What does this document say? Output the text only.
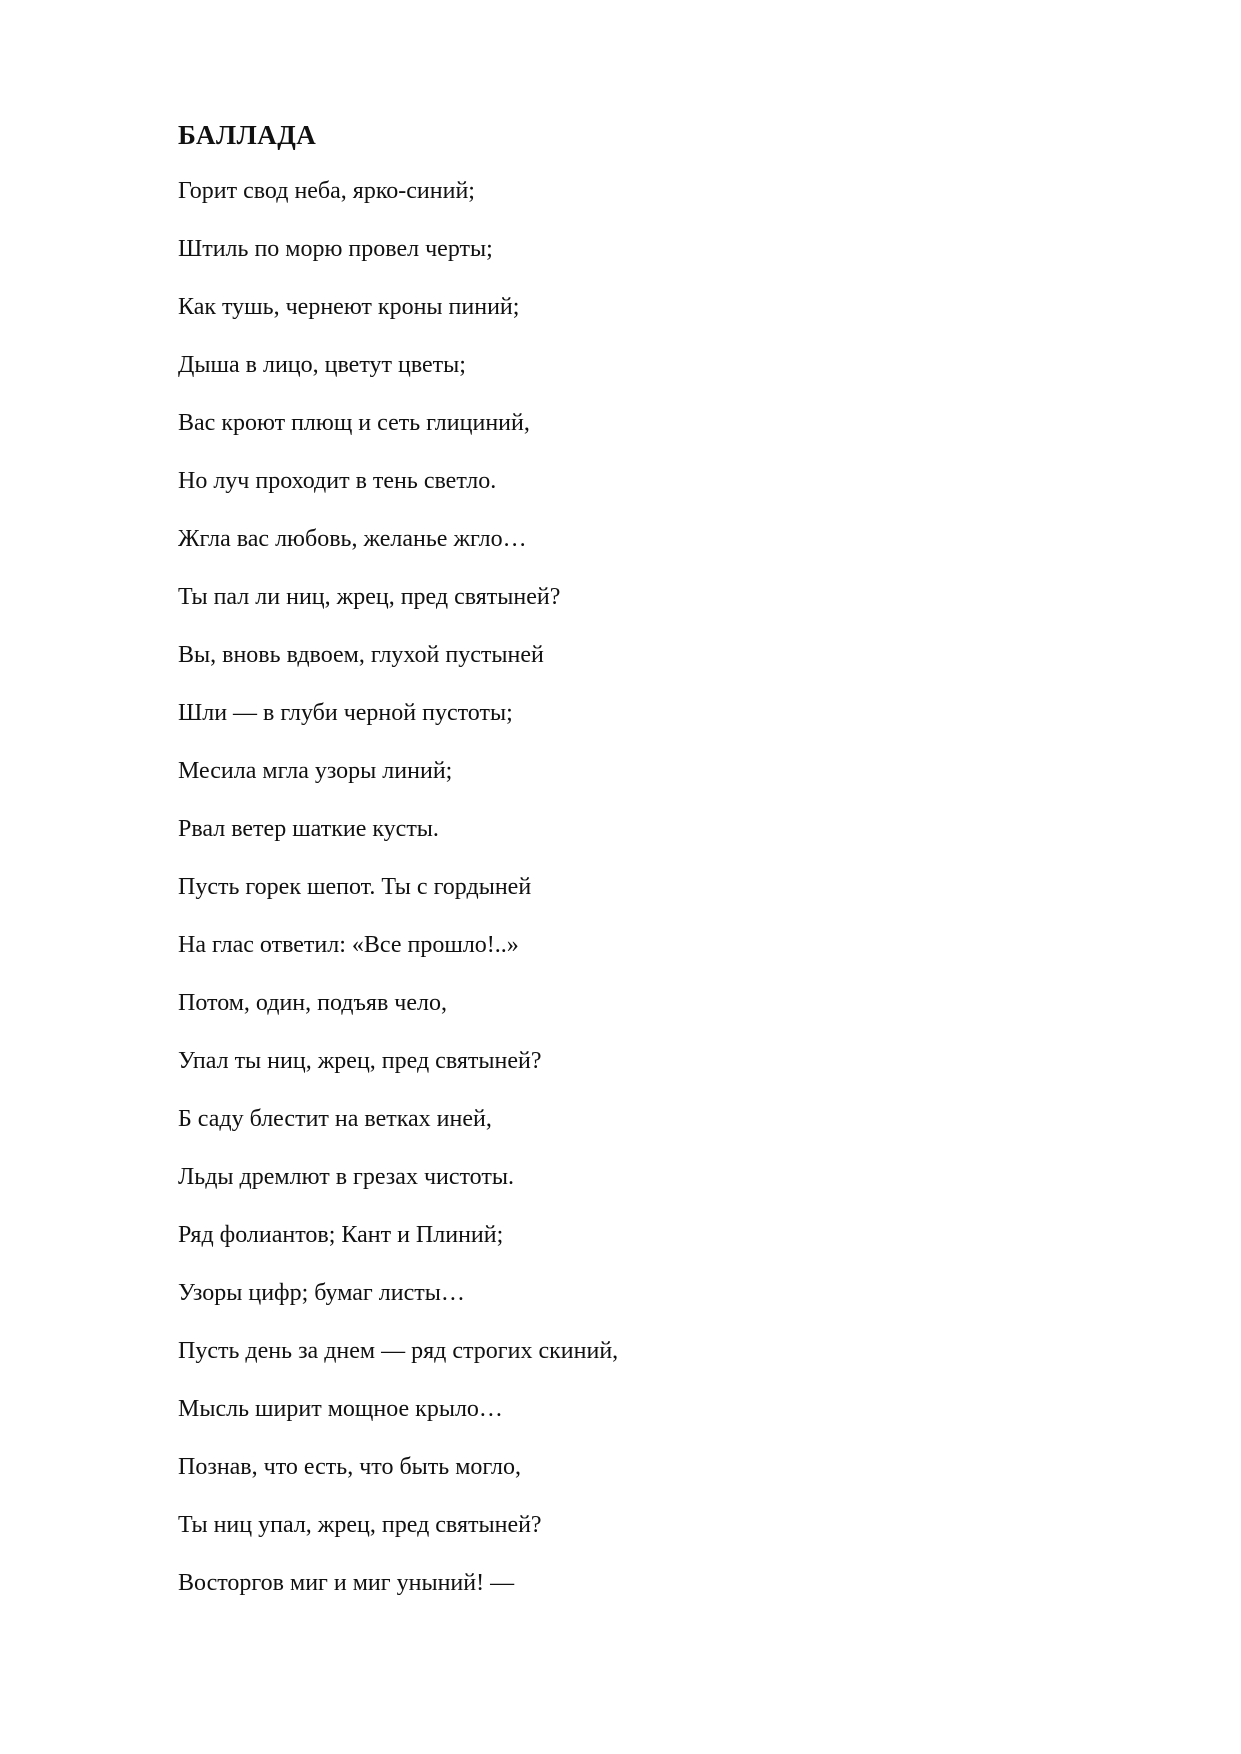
БАЛЛАДА
Горит свод неба, ярко-синий;
Штиль по морю провел черты;
Как тушь, чернеют кроны пиний;
Дыша в лицо, цветут цветы;
Вас кроют плющ и сеть глициний,
Но луч проходит в тень светло.
Жгла вас любовь, желанье жгло…
Ты пал ли ниц, жрец, пред святыней?
Вы, вновь вдвоем, глухой пустыней
Шли — в глуби черной пустоты;
Месила мгла узоры линий;
Рвал ветер шаткие кусты.
Пусть горек шепот. Ты с гордыней
На глас ответил: «Все прошло!..»
Потом, один, подъяв чело,
Упал ты ниц, жрец, пред святыней?
Б саду блестит на ветках иней,
Льды дремлют в грезах чистоты.
Ряд фолиантов; Кант и Плиний;
Узоры цифр; бумаг листы…
Пусть день за днем — ряд строгих скиний,
Мысль ширит мощное крыло…
Познав, что есть, что быть могло,
Ты ниц упал, жрец, пред святыней?
Восторгов миг и миг уныний! —
